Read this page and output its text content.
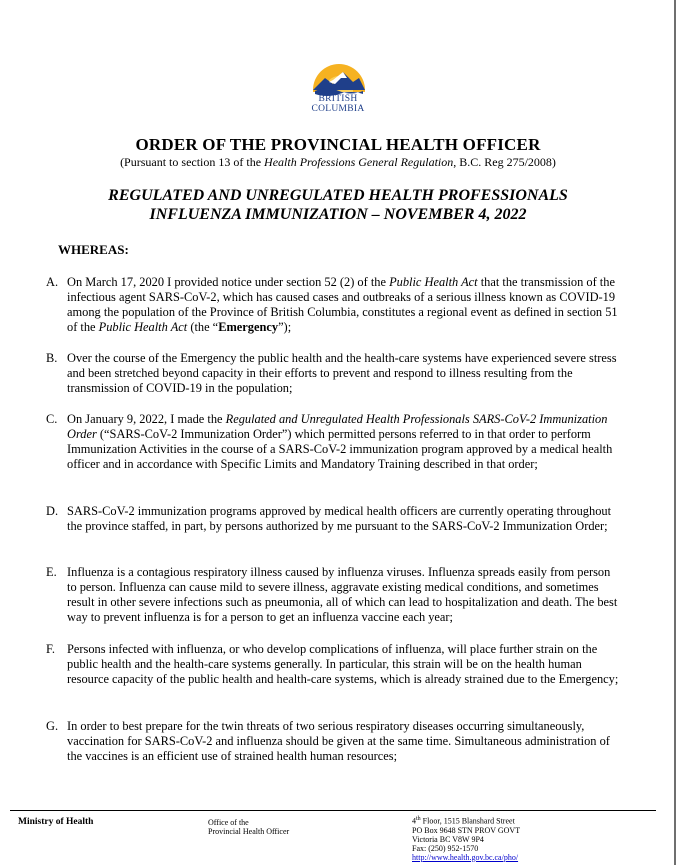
BRITISH
COLUMBIA
ORDER OF THE PROVINCIAL HEALTH OFFICER
(Pursuant to section 13 of the Health Professions General Regulation, B.C. Reg 275/2008)
REGULATED AND UNREGULATED HEALTH PROFESSIONALS
INFLUENZA IMMUNIZATION – NOVEMBER 4, 2022
WHEREAS:
A. On March 17, 2020 I provided notice under section 52 (2) of the Public Health Act that the transmission of the infectious agent SARS-CoV-2, which has caused cases and outbreaks of a serious illness known as COVID-19 among the population of the Province of British Columbia, constitutes a regional event as defined in section 51 of the Public Health Act (the “Emergency”);
B. Over the course of the Emergency the public health and the health-care systems have experienced severe stress and been stretched beyond capacity in their efforts to prevent and respond to illness resulting from the transmission of COVID-19 in the population;
C. On January 9, 2022, I made the Regulated and Unregulated Health Professionals SARS-CoV-2 Immunization Order (“SARS-CoV-2 Immunization Order”) which permitted persons referred to in that order to perform Immunization Activities in the course of a SARS-CoV-2 immunization program approved by a medical health officer and in accordance with Specific Limits and Mandatory Training described in that order;
D. SARS-CoV-2 immunization programs approved by medical health officers are currently operating throughout the province staffed, in part, by persons authorized by me pursuant to the SARS-CoV-2 Immunization Order;
E. Influenza is a contagious respiratory illness caused by influenza viruses. Influenza spreads easily from person to person. Influenza can cause mild to severe illness, aggravate existing medical conditions, and sometimes result in other severe infections such as pneumonia, all of which can lead to hospitalization and death. The best way to prevent influenza is for a person to get an influenza vaccine each year;
F. Persons infected with influenza, or who develop complications of influenza, will place further strain on the public health and the health-care systems generally. In particular, this strain will be on the health human resource capacity of the public health and health-care systems, which is already strained due to the Emergency;
G. In order to best prepare for the twin threats of two serious respiratory diseases occurring simultaneously, vaccination for SARS-CoV-2 and influenza should be given at the same time. Simultaneous administration of the vaccines is an efficient use of strained health human resources;
Ministry of Health	Office of the
Provincial Health Officer
4th Floor, 1515 Blanshard Street
PO Box 9648 STN PROV GOVT
Victoria BC V8W 9P4
Fax: (250) 952-1570
http://www.health.gov.bc.ca/pho/
